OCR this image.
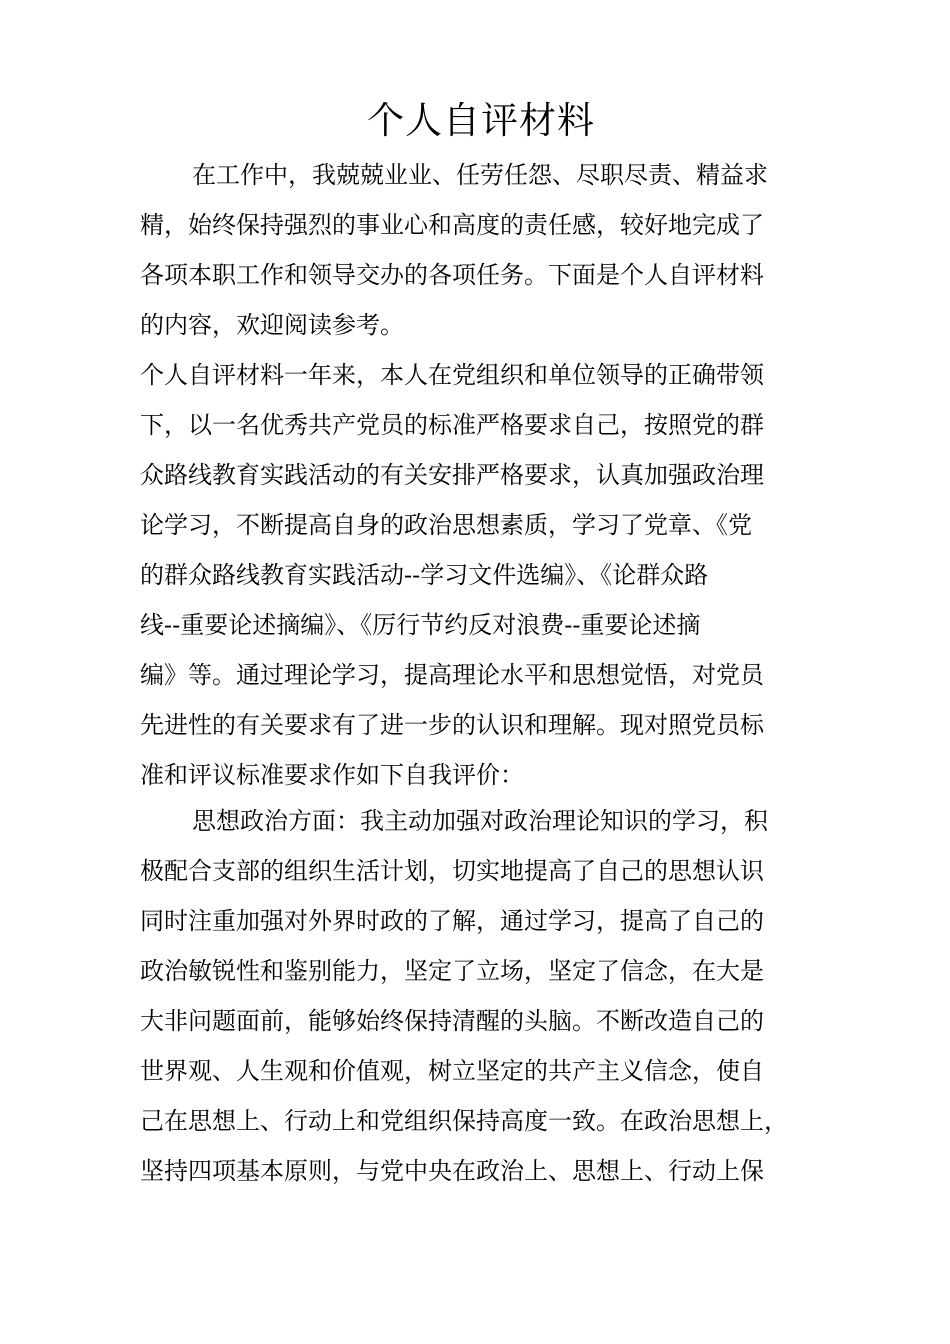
个人自评材料
在工作中，我兢兢业业、任劳任怨、尽职尽责、精益求
精，始终保持强烈的事业心和高度的责任感，较好地完成了
各项本职工作和领导交办的各项任务。下面是个人自评材料
的内容，欢迎阅读参考。
个人自评材料一年来，本人在党组织和单位领导的正确带领
下，以一名优秀共产党员的标准严格要求自己，按照党的群
众路线教育实践活动的有关安排严格要求，认真加强政治理
论学习，不断提高自身的政治思想素质，学习了党章、《党
的群众路线教育实践活动--学习文件选编》、《论群众路
线--重要论述摘编》、《厉行节约反对浪费--重要论述摘
编》等。通过理论学习，提高理论水平和思想觉悟，对党员
先进性的有关要求有了进一步的认识和理解。现对照党员标
准和评议标准要求作如下自我评价：
思想政治方面：我主动加强对政治理论知识的学习，积
极配合支部的组织生活计划，切实地提高了自己的思想认识
同时注重加强对外界时政的了解，通过学习，提高了自己的
政治敏锐性和鉴别能力，坚定了立场，坚定了信念，在大是
大非问题面前，能够始终保持清醒的头脑。不断改造自己的
世界观、人生观和价值观，树立坚定的共产主义信念，使自
己在思想上、行动上和党组织保持高度一致。在政治思想上，
坚持四项基本原则，与党中央在政治上、思想上、行动上保
